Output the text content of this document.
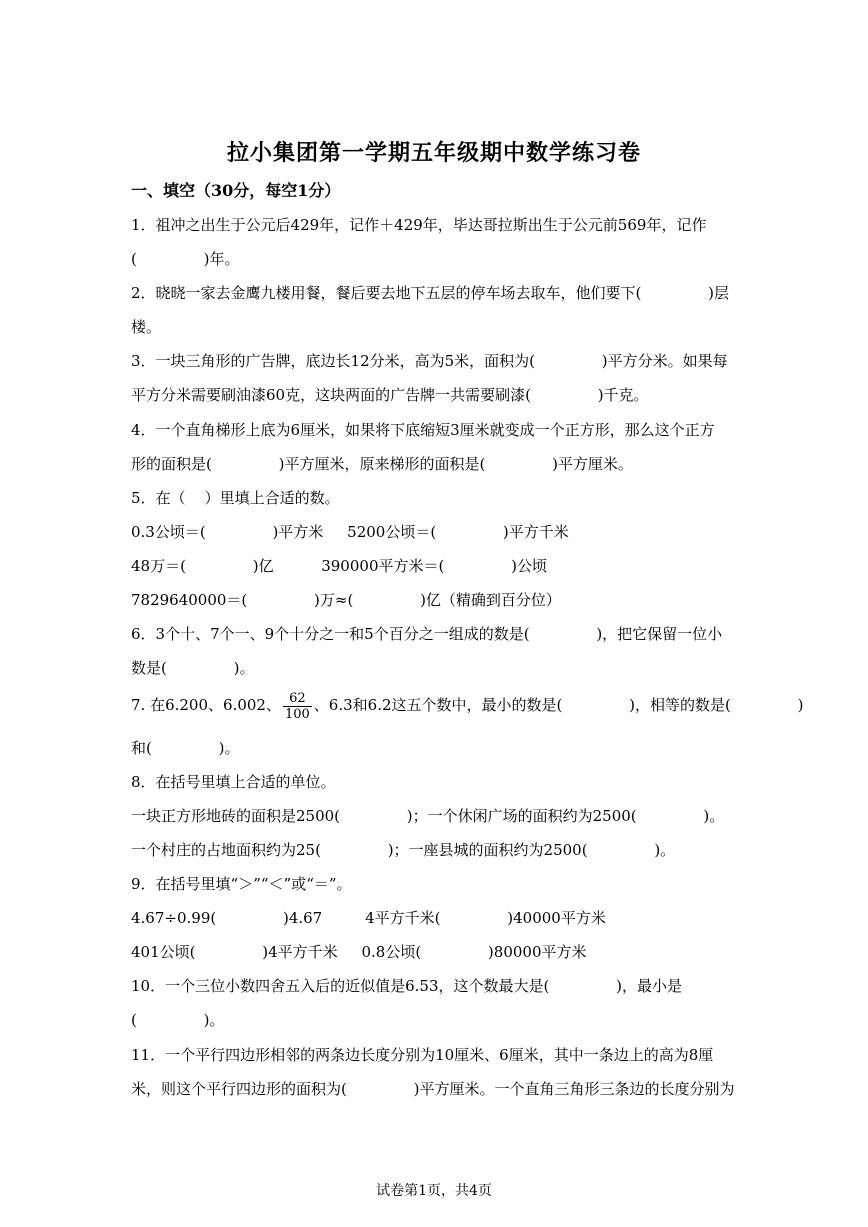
拉小集团第一学期五年级期中数学练习卷
一、填空（30分，每空1分）
1．祖冲之出生于公元后429年，记作＋429年，毕达哥拉斯出生于公元前569年，记作
(              )年。
2．晓晓一家去金鹰九楼用餐，餐后要去地下五层的停车场去取车，他们要下(              )层
楼。
3．一块三角形的广告牌，底边长12分米，高为5米，面积为(              )平方分米。如果每
平方分米需要刷油漆60克，这块两面的广告牌一共需要刷漆(              )千克。
4．一个直角梯形上底为6厘米，如果将下底缩短3厘米就变成一个正方形，那么这个正方
形的面积是(              )平方厘米，原来梯形的面积是(              )平方厘米。
5．在（    ）里填上合适的数。
0.3公顷＝(              )平方米     5200公顷＝(              )平方千米
48万＝(              )亿          390000平方米＝(              )公顷
7829640000＝(              )万≈(              )亿（精确到百分位）
6．3个十、7个一、9个十分之一和5个百分之一组成的数是(              )，把它保留一位小
数是(              )。
7. 在6.200、6.002、 $\frac{62}{100}$ 、6.3和6.2这五个数中，最小的数是(              )，相等的数是(              )
和(              )。
8．在括号里填上合适的单位。
一块正方形地砖的面积是2500(              )；一个休闲广场的面积约为2500(              )。
一个村庄的占地面积约为25(              )；一座县城的面积约为2500(              )。
9．在括号里填“＞”“＜”或“＝”。
4.67÷0.99(              )4.67         4平方千米(              )40000平方米
401公顷(              )4平方千米     0.8公顷(              )80000平方米
10．一个三位小数四舍五入后的近似值是6.53，这个数最大是(              )，最小是
(              )。
11．一个平行四边形相邻的两条边长度分别为10厘米、6厘米，其中一条边上的高为8厘
米，则这个平行四边形的面积为(              )平方厘米。一个直角三角形三条边的长度分别为
试卷第1页，共4页
